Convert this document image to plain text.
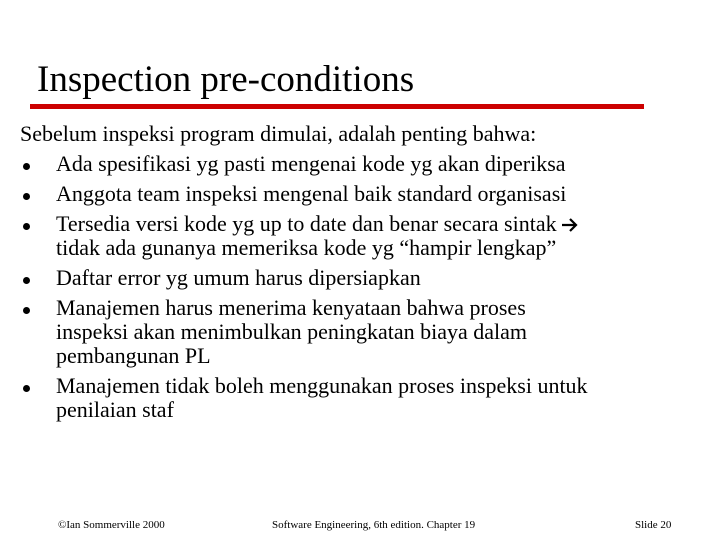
Inspection pre-conditions
Sebelum inspeksi program dimulai, adalah penting bahwa:
Ada spesifikasi yg pasti mengenai kode yg akan diperiksa
Anggota team inspeksi mengenal baik standard organisasi
Tersedia versi kode yg up to date dan benar secara sintak
tidak ada gunanya memeriksa kode yg “hampir lengkap”
Daftar error yg umum harus dipersiapkan
Manajemen harus menerima kenyataan bahwa proses
inspeksi akan menimbulkan peningkatan biaya dalam
pembangunan PL
Manajemen tidak boleh menggunakan proses inspeksi untuk
penilaian staf
©Ian Sommerville 2000	Software Engineering, 6th edition. Chapter 19	Slide 20
